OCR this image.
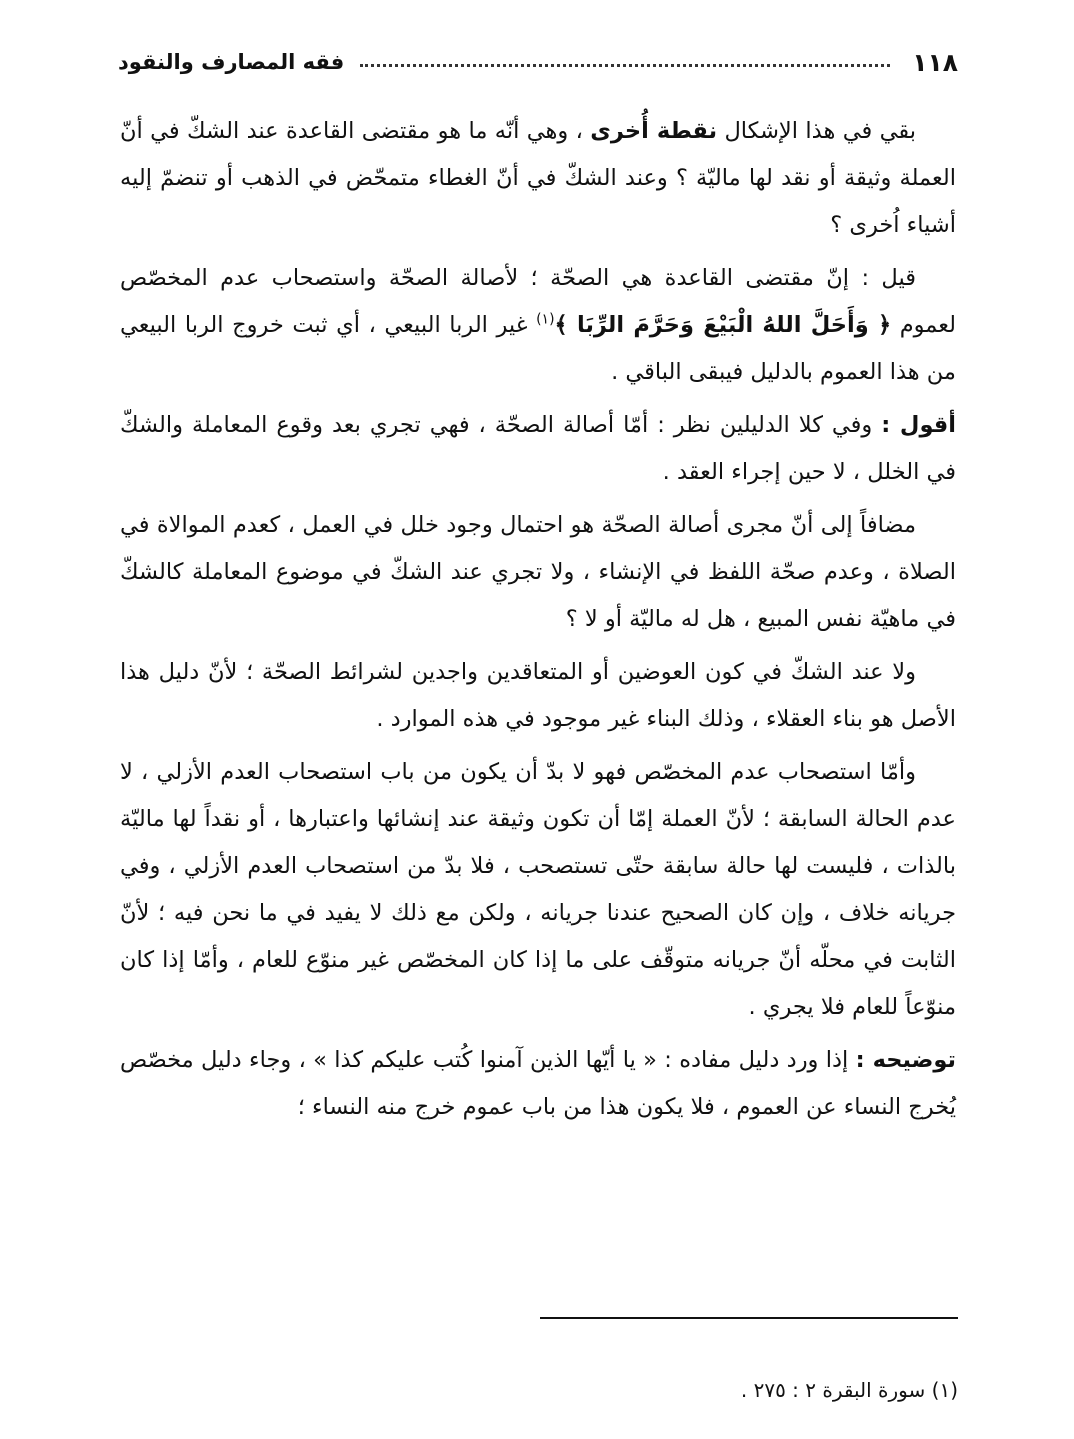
١١٨
فقه المصارف والنقود

بقي في هذا الإشكال نقطة أُخرى ، وهي أنّه ما هو مقتضى القاعدة عند الشكّ في أنّ العملة وثيقة أو نقد لها ماليّة ؟ وعند الشكّ في أنّ الغطاء متمحّض في الذهب أو تنضمّ إليه أشياء اُخرى ؟

قيل : إنّ مقتضى القاعدة هي الصحّة ؛ لأصالة الصحّة واستصحاب عدم المخصّص لعموم ﴿ وَأَحَلَّ اللهُ الْبَيْعَ وَحَرَّمَ الرِّبَا ﴾$^{(١)}$ غير الربا البيعي ، أي ثبت خروج الربا البيعي من هذا العموم بالدليل فيبقى الباقي .

أقول : وفي كلا الدليلين نظر : أمّا أصالة الصحّة ، فهي تجري بعد وقوع المعاملة والشكّ في الخلل ، لا حين إجراء العقد .

مضافاً إلى أنّ مجرى أصالة الصحّة هو احتمال وجود خلل في العمل ، كعدم الموالاة في الصلاة ، وعدم صحّة اللفظ في الإنشاء ، ولا تجري عند الشكّ في موضوع المعاملة كالشكّ في ماهيّة نفس المبيع ، هل له ماليّة أو لا ؟

ولا عند الشكّ في كون العوضين أو المتعاقدين واجدين لشرائط الصحّة ؛ لأنّ دليل هذا الأصل هو بناء العقلاء ، وذلك البناء غير موجود في هذه الموارد .

وأمّا استصحاب عدم المخصّص فهو لا بدّ أن يكون من باب استصحاب العدم الأزلي ، لا عدم الحالة السابقة ؛ لأنّ العملة إمّا أن تكون وثيقة عند إنشائها واعتبارها ، أو نقداً لها ماليّة بالذات ، فليست لها حالة سابقة حتّى تستصحب ، فلا بدّ من استصحاب العدم الأزلي ، وفي جريانه خلاف ، وإن كان الصحيح عندنا جريانه ، ولكن مع ذلك لا يفيد في ما نحن فيه ؛ لأنّ الثابت في محلّه أنّ جريانه متوقّف على ما إذا كان المخصّص غير منوّع للعام ، وأمّا إذا كان منوّعاً للعام فلا يجري .

توضيحه : إذا ورد دليل مفاده : « يا أيّها الذين آمنوا كُتب عليكم كذا » ، وجاء دليل مخصّص يُخرج النساء عن العموم ، فلا يكون هذا من باب عموم خرج منه النساء ؛

(١) سورة البقرة ٢ : ٢٧٥ .
